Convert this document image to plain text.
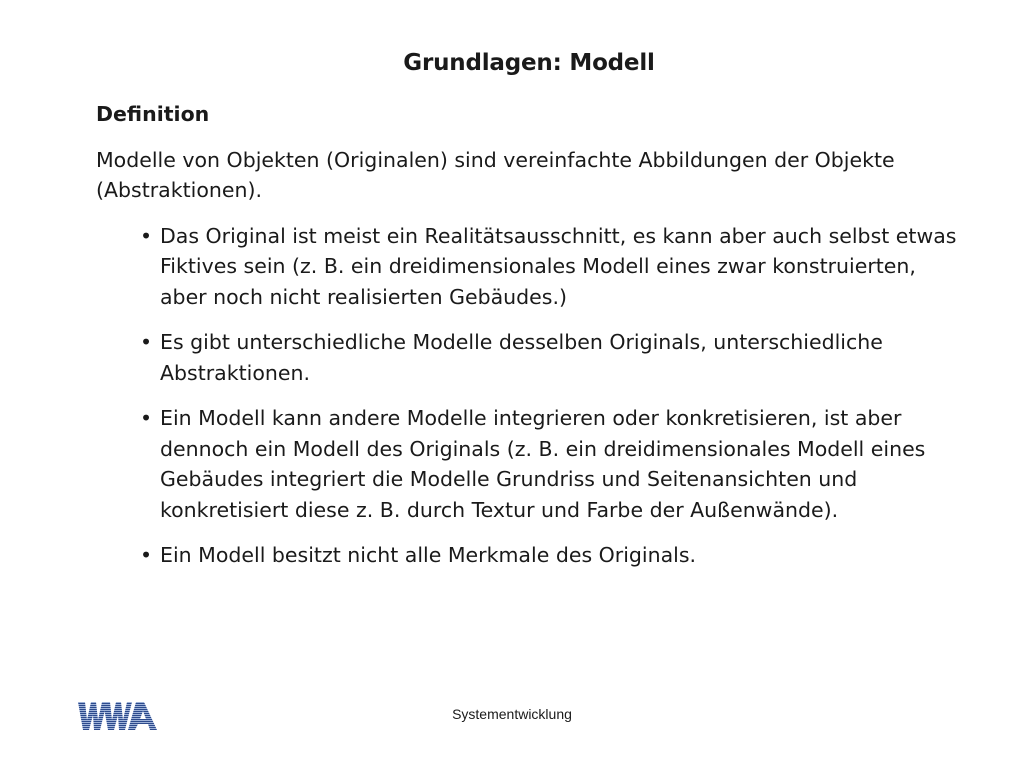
Grundlagen: Modell
Definition
Modelle von Objekten (Originalen) sind vereinfachte Abbildungen der Objekte (Abstraktionen).
• Das Original ist meist ein Realitätsausschnitt, es kann aber auch selbst etwas Fiktives sein (z. B. ein dreidimensionales Modell eines zwar konstruierten, aber noch nicht realisierten Gebäudes.)
• Es gibt unterschiedliche Modelle desselben Originals, unterschiedliche Abstraktionen.
• Ein Modell kann andere Modelle integrieren oder konkretisieren, ist aber dennoch ein Modell des Originals (z. B. ein dreidimensionales Modell eines Gebäudes integriert die Modelle Grundriss und Seitenansichten und konkretisiert diese z. B. durch Textur und Farbe der Außenwände).
• Ein Modell besitzt nicht alle Merkmale des Originals.
Systementwicklung
